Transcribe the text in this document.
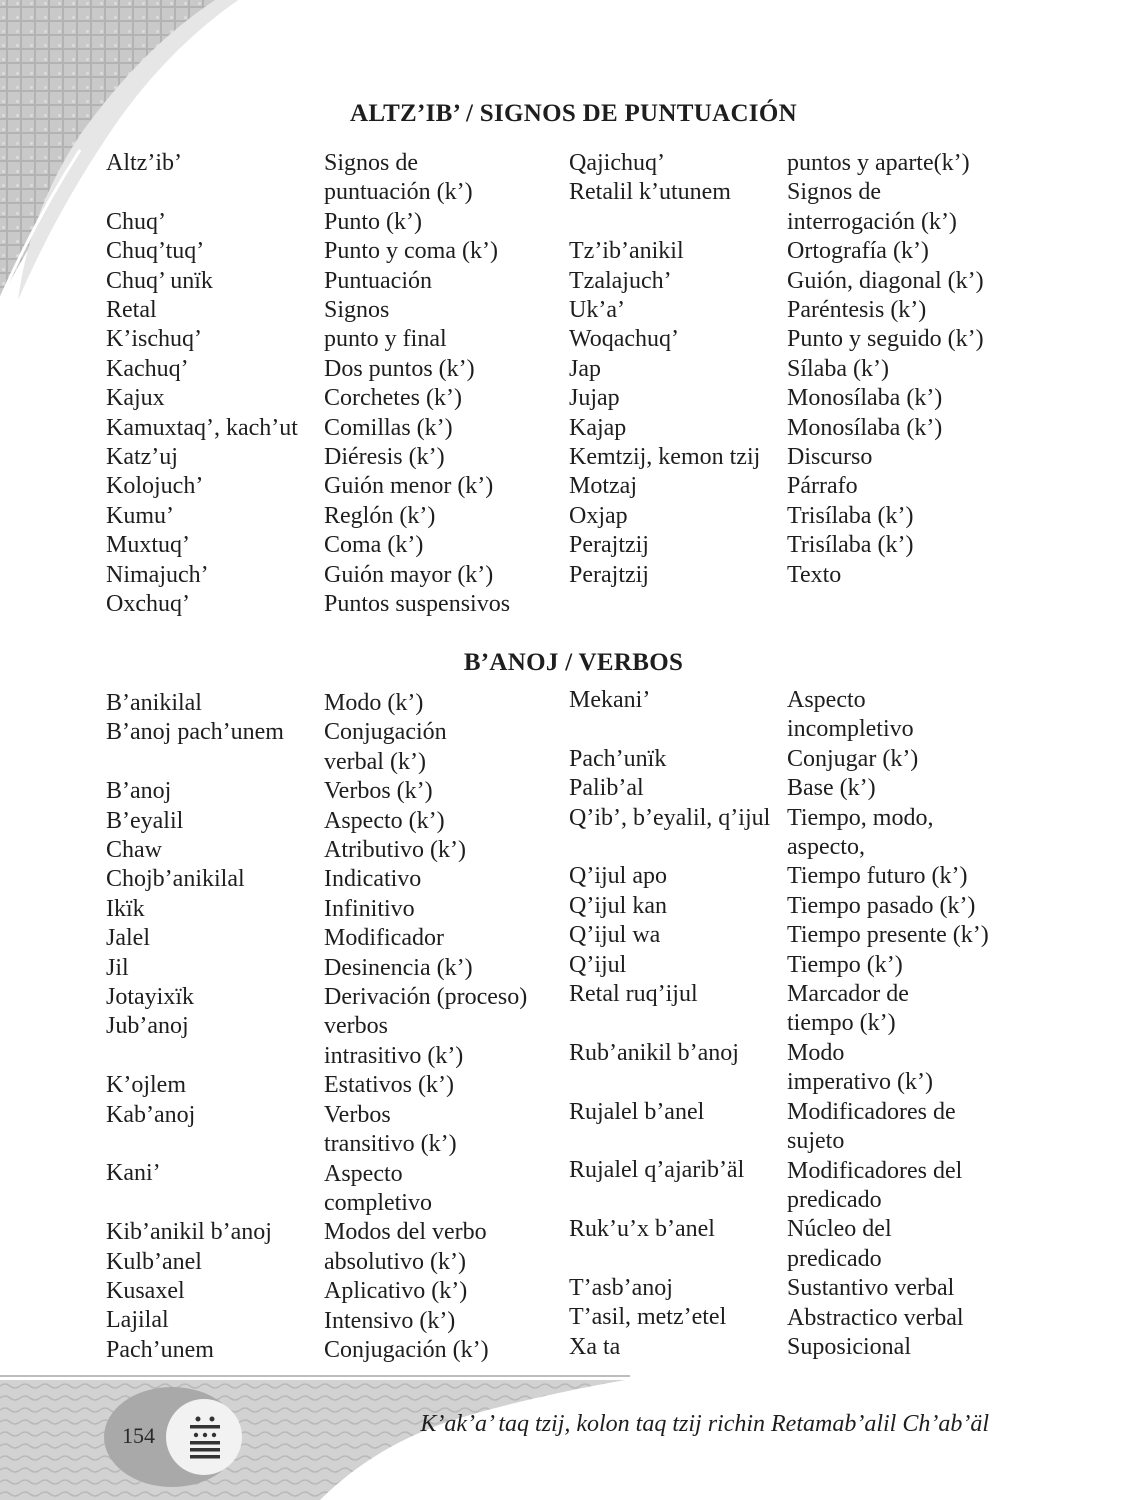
ALTZ’IB’ / SIGNOS DE PUNTUACIÓN
Altz’ib’
Chuq’
Chuq’tuq’
Chuq’ unïk
Retal
K’ischuq’
Kachuq’
Kajux
Kamuxtaq’, kach’ut
Katz’uj
Kolojuch’
Kumu’
Muxtuq’
Nimajuch’
Oxchuq’
Signos de
puntuación (k’)
Punto (k’)
Punto y coma (k’)
Puntuación
Signos
punto y final
Dos puntos (k’)
Corchetes (k’)
Comillas (k’)
Diéresis (k’)
Guión menor (k’)
Reglón (k’)
Coma (k’)
Guión mayor (k’)
Puntos suspensivos
Qajichuq’
Retalil k’utunem
Tz’ib’anikil
Tzalajuch’
Uk’a’
Woqachuq’
Jap
Jujap
Kajap
Kemtzij, kemon tzij
Motzaj
Oxjap
Perajtzij
Perajtzij
puntos y aparte(k’)
Signos de
interrogación (k’)
Ortografía (k’)
Guión, diagonal (k’)
Paréntesis (k’)
Punto y seguido (k’)
Sílaba (k’)
Monosílaba (k’)
Monosílaba (k’)
Discurso
Párrafo
Trisílaba (k’)
Trisílaba (k’)
Texto
B’ANOJ / VERBOS
B’anikilal
B’anoj pach’unem
B’anoj
B’eyalil
Chaw
Chojb’anikilal
Ikïk
Jalel
Jil
Jotayixïk
Jub’anoj
K’ojlem
Kab’anoj
Kani’
Kib’anikil b’anoj
Kulb’anel
Kusaxel
Lajilal
Pach’unem
Modo (k’)
Conjugación
verbal (k’)
Verbos (k’)
Aspecto (k’)
Atributivo (k’)
Indicativo
Infinitivo
Modificador
Desinencia (k’)
Derivación (proceso)
verbos
intrasitivo (k’)
Estativos (k’)
Verbos
transitivo (k’)
Aspecto
completivo
Modos del verbo
absolutivo (k’)
Aplicativo (k’)
Intensivo (k’)
Conjugación (k’)
Mekani’
Pach’unïk
Palib’al
Q’ib’, b’eyalil, q’ijul
Q’ijul apo
Q’ijul kan
Q’ijul wa
Q’ijul
Retal ruq’ijul
Rub’anikil b’anoj
Rujalel b’anel
Rujalel q’ajarib’äl
Ruk’u’x b’anel
T’asb’anoj
T’asil, metz’etel
Xa ta
Aspecto
incompletivo
Conjugar (k’)
Base (k’)
Tiempo, modo,
aspecto,
Tiempo futuro (k’)
Tiempo pasado (k’)
Tiempo presente (k’)
Tiempo (k’)
Marcador de
tiempo (k’)
Modo
imperativo (k’)
Modificadores de
sujeto
Modificadores del
predicado
Núcleo del
predicado
Sustantivo verbal
Abstractico verbal
Suposicional
154	K’ak’a’ taq tzij, kolon taq tzij richin Retamab’alil Ch’ab’äl
